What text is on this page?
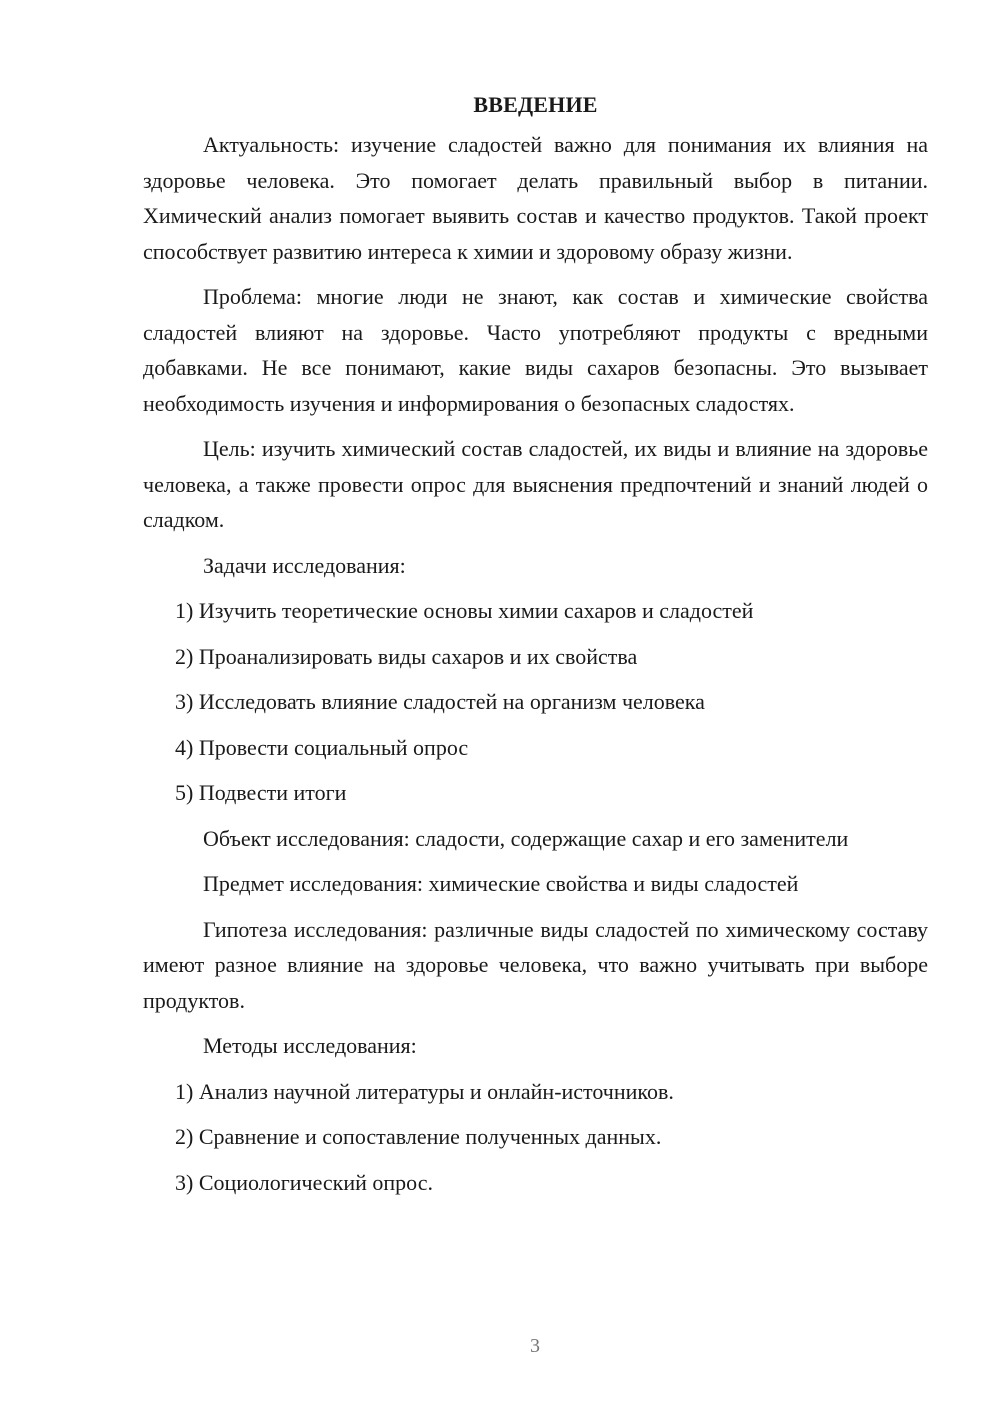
ВВЕДЕНИЕ

Актуальность: изучение сладостей важно для понимания их влияния на здоровье человека. Это помогает делать правильный выбор в питании. Химический анализ помогает выявить состав и качество продуктов. Такой проект способствует развитию интереса к химии и здоровому образу жизни.

Проблема: многие люди не знают, как состав и химические свойства сладостей влияют на здоровье. Часто употребляют продукты с вредными добавками. Не все понимают, какие виды сахаров безопасны. Это вызывает необходимость изучения и информирования о безопасных сладостях.

Цель: изучить химический состав сладостей, их виды и влияние на здоровье человека, а также провести опрос для выяснения предпочтений и знаний людей о сладком.

Задачи исследования:

1) Изучить теоретические основы химии сахаров и сладостей
2) Проанализировать виды сахаров и их свойства
3) Исследовать влияние сладостей на организм человека
4) Провести социальный опрос
5) Подвести итоги

Объект исследования: сладости, содержащие сахар и его заменители

Предмет исследования: химические свойства и виды сладостей

Гипотеза исследования: различные виды сладостей по химическому составу имеют разное влияние на здоровье человека, что важно учитывать при выборе продуктов.

Методы исследования:

1) Анализ научной литературы и онлайн-источников.
2) Сравнение и сопоставление полученных данных.
3) Социологический опрос.
3
